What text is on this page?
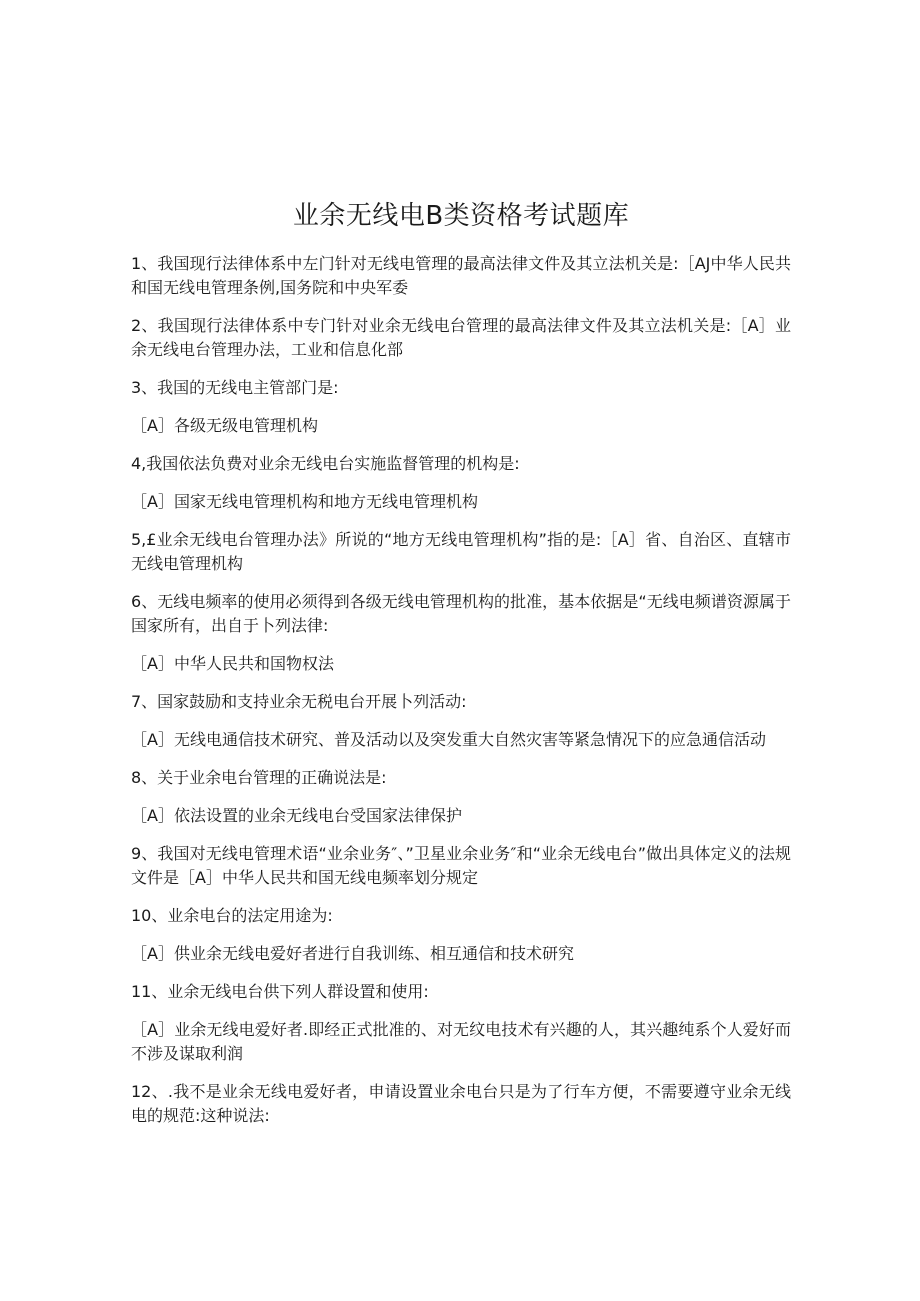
业余无线电B类资格考试题库

1、我国现行法律体系中左门针对无线电管理的最高法律文件及其立法机关是:［AJ中华人民共和国无线电管理条例,国务院和中央军委

2、我国现行法律体系中专门针对业余无线电台管理的最高法律文件及其立法机关是:［A］业余无线电台管理办法，工业和信息化部

3、我国的无线电主管部门是:

［A］各级无级电管理机构

4,我国依法负费对业余无线电台实施监督管理的机构是:

［A］国家无线电管理机构和地方无线电管理机构

5,£业余无线电台管理办法》所说的“地方无线电管理机构”指的是:［A］省、自治区、直辖市无线电管理机构

6、无线电频率的使用必须得到各级无线电管理机构的批准，基本依据是“无线电频谱资源属于国家所有，出自于卜列法律:

［A］中华人民共和国物权法

7、国家鼓励和支持业余无税电台开展卜列活动:

［A］无线电通信技术研究、普及活动以及突发重大自然灾害等紧急情况下的应急通信活动

8、关于业余电台管理的正确说法是:

［A］依法设置的业余无线电台受国家法律保护

9、我国对无线电管理术语“业余业务″、”卫星业余业务″和“业余无线电台”做出具体定义的法规文件是［A］中华人民共和国无线电频率划分规定

10、业余电台的法定用途为:

［A］供业余无线电爱好者进行自我训练、相互通信和技术研究

11、业余无线电台供下列人群设置和使用:

［A］业余无线电爱好者.即经正式批准的、对无纹电技术有兴趣的人，其兴趣纯系个人爱好而不涉及谋取利润

12、.我不是业余无线电爱好者，申请设置业余电台只是为了行车方便，不需要遵守业余无线电的规范:这种说法:
